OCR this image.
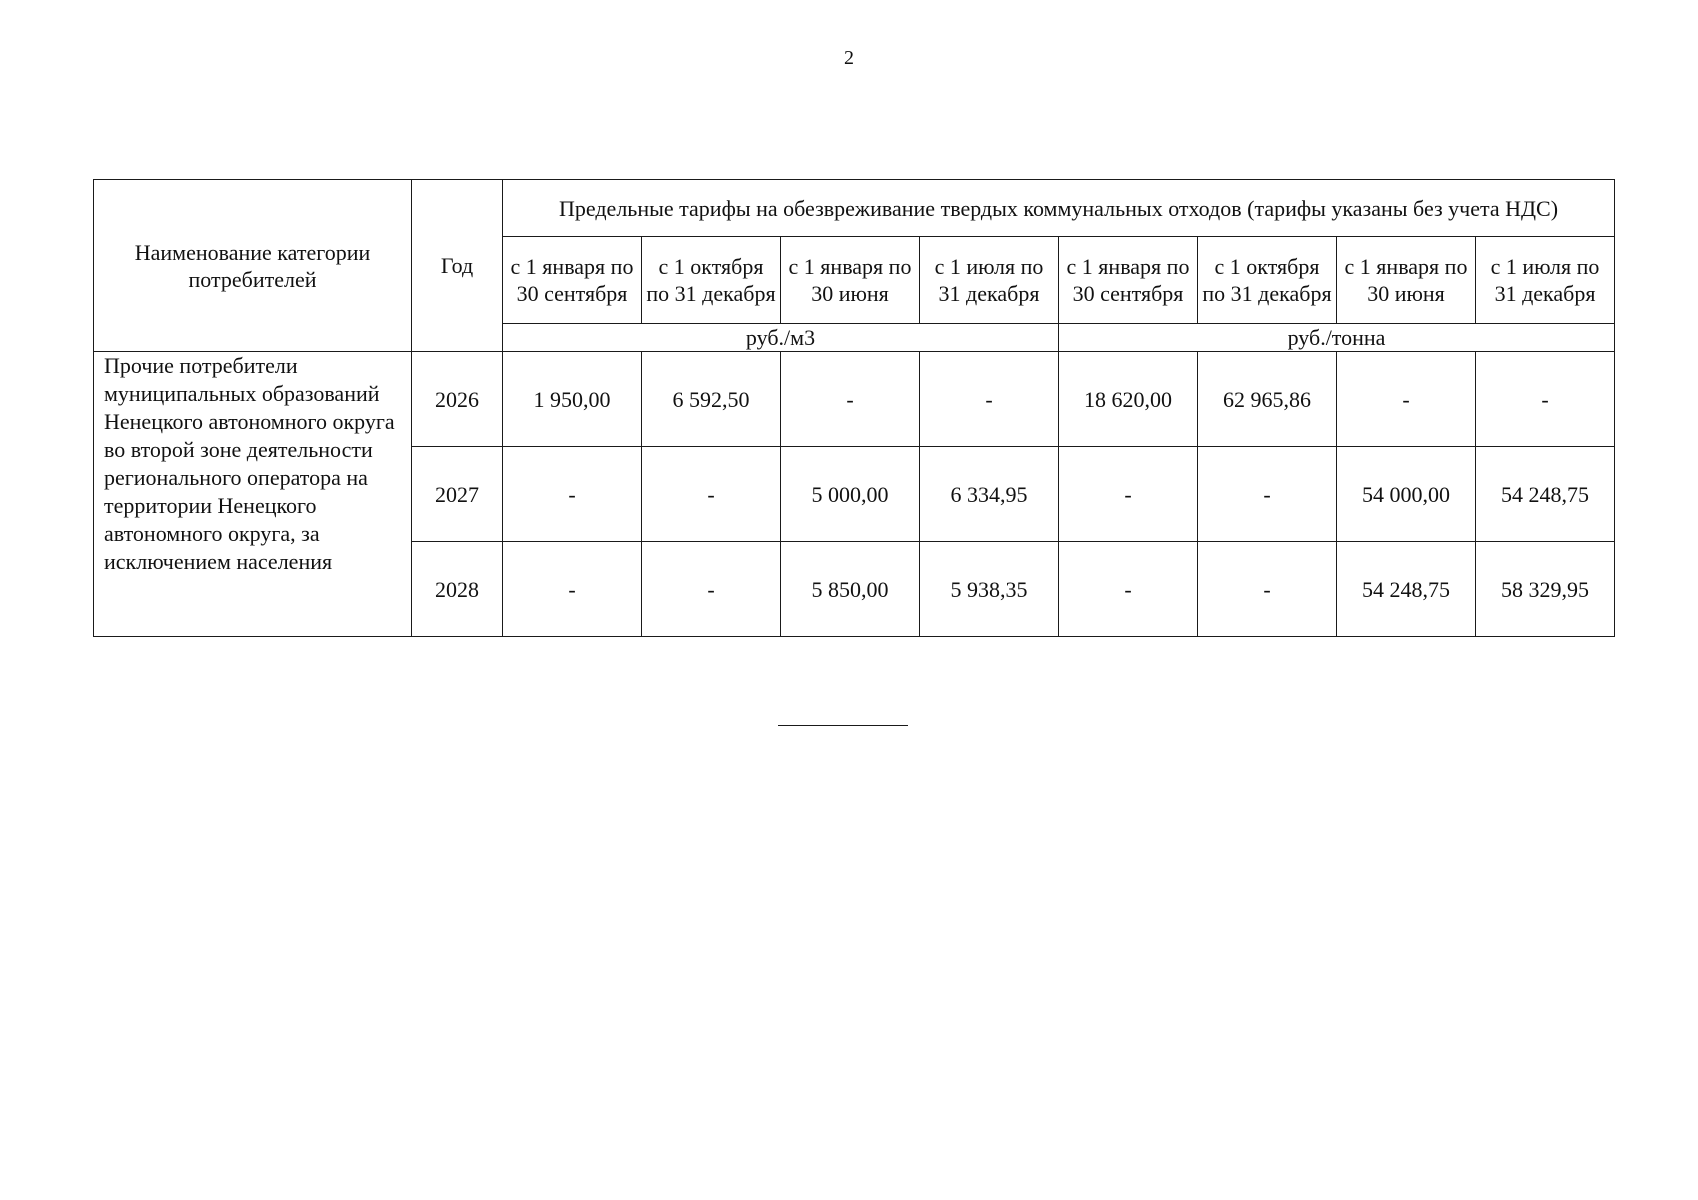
2
Наименование категории потребителей	Год	Предельные тарифы на обезвреживание твердых коммунальных отходов (тарифы указаны без учета НДС)							
		с 1 января по 30 сентября	с 1 октября по 31 декабря	с 1 января по 30 июня	с 1 июля по 31 декабря	с 1 января по 30 сентября	с 1 октября по 31 декабря	с 1 января по 30 июня	с 1 июля по 31 декабря
		руб./м3				руб./тонна			
Прочие потребители муниципальных образований Ненецкого автономного округа во второй зоне деятельности регионального оператора на территории Ненецкого автономного округа, за исключением населения	2026	1 950,00	6 592,50	-	-	18 620,00	62 965,86	-	-
	2027	-	-	5 000,00	6 334,95	-	-	54 000,00	54 248,75
	2028	-	-	5 850,00	5 938,35	-	-	54 248,75	58 329,95
